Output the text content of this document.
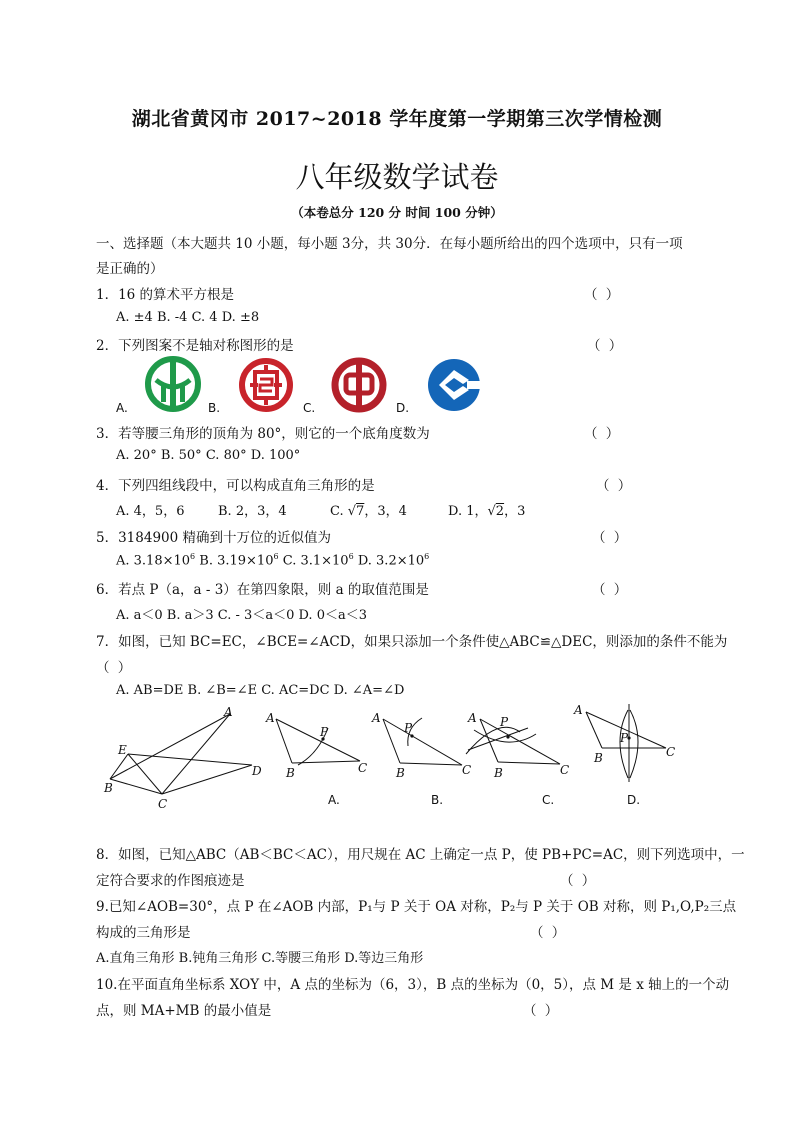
湖北省黄冈市 2017~2018 学年度第一学期第三次学情检测
八年级数学试卷
（本卷总分 120 分 时间 100 分钟）
一、选择题（本大题共 10 小题，每小题 3分，共 30分．在每小题所给出的四个选项中，只有一项
是正确的）
1．16 的算术平方根是	（ ）
A. ±4 B. -4 C. 4 D. ±8
2．下列图案不是轴对称图形的是	（ ）
A.	B.	C.	D.
3．若等腰三角形的顶角为 80°，则它的一个底角度数为	（ ）
A. 20° B. 50° C. 80° D. 100°
4．下列四组线段中，可以构成直角三角形的是	（ ）
A. 4，5，6	B. 2，3，4	C. √7，3，4	D. 1，√2，3
5．3184900 精确到十万位的近似值为	（ ）
A. $3.18\times 10^6$ B. $3.19\times 10^6$ C. $3.1\times 10^6$ D. $3.2\times 10^6$
6．若点 P（a，a - 3）在第四象限，则 a 的取值范围是	（ ）
A. a＜0 B. a＞3 C. - 3＜a＜0 D. 0＜a＜3
7．如图，已知 BC=EC，∠BCE=∠ACD，如果只添加一个条件使△ABC≌△DEC，则添加的条件不能为
（ ）
A. AB=DE B. ∠B=∠E C. AC=DC D. ∠A=∠D
A
E
B
C
D
A
B	C
P
A.
A
B	C
P
B.
A
B	C
P
C.
A
B	C
P
D.
8．如图，已知△ABC（AB＜BC＜AC），用尺规在 AC 上确定一点 P，使 PB+PC=AC，则下列选项中，一
定符合要求的作图痕迹是	（ ）
9.已知∠AOB=30°，点 P 在∠AOB 内部，P₁与 P 关于 OA 对称，P₂与 P 关于 OB 对称，则 P₁,O,P₂三点
构成的三角形是	（ ）
A.直角三角形 B.钝角三角形 C.等腰三角形 D.等边三角形
10.在平面直角坐标系 XOY 中，A 点的坐标为（6，3），B 点的坐标为（0，5），点 M 是 x 轴上的一个动
点，则 MA+MB 的最小值是	（ ）
